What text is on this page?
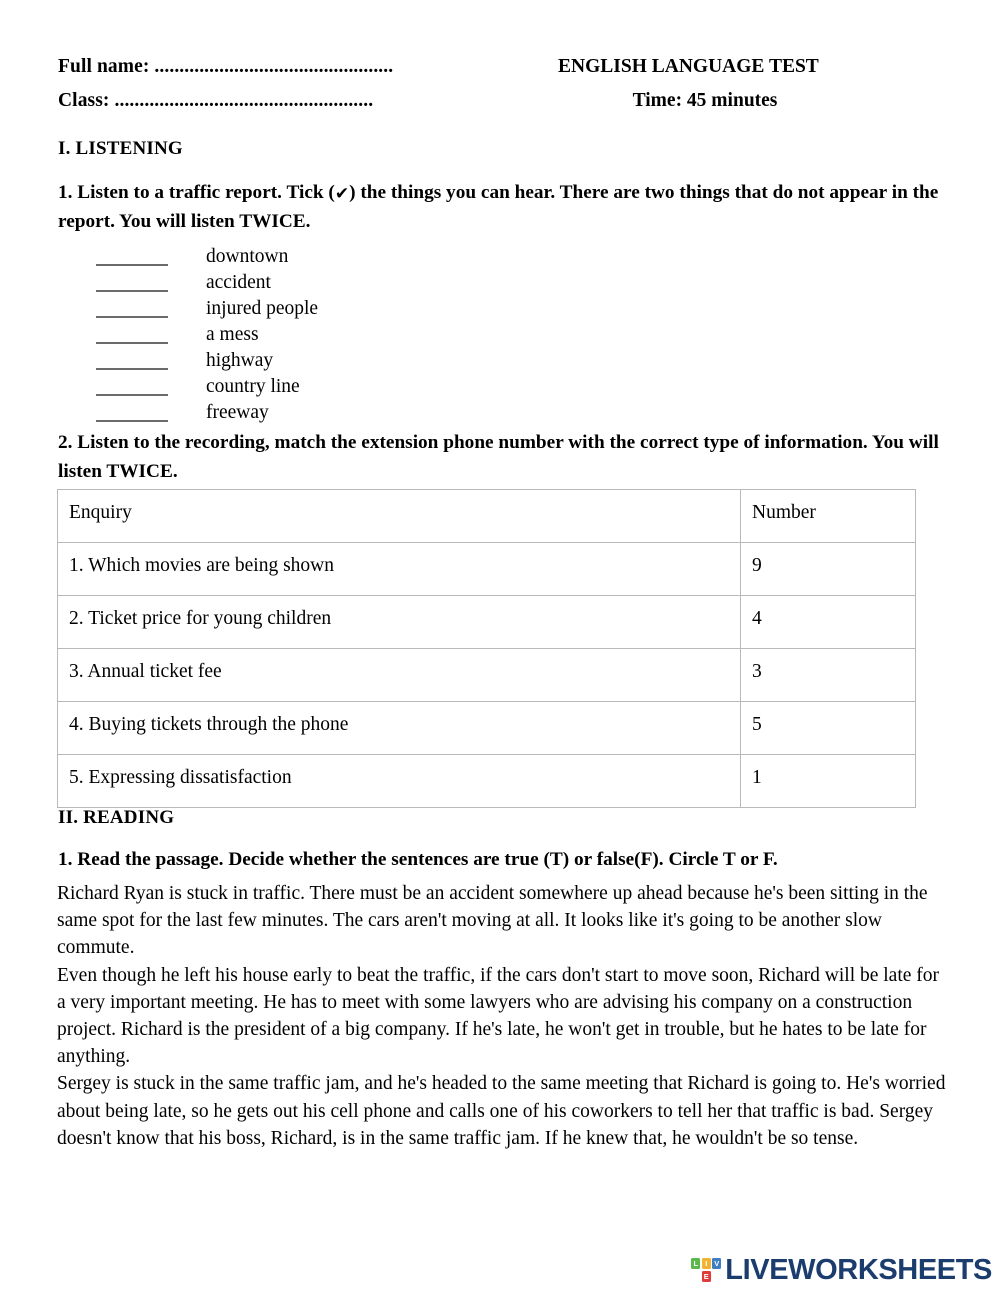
Full name: ................................................	ENGLISH LANGUAGE TEST
Class: ....................................................	Time: 45 minutes
I. LISTENING
1. Listen to a traffic report. Tick (✔) the things you can hear. There are two things that do not appear in the report. You will listen TWICE.
downtown
accident
injured people
a mess
highway
country line
freeway
2. Listen to the recording, match the extension phone number with the correct type of information. You will listen TWICE.
Enquiry	Number
1. Which movies are being shown	9
2. Ticket price for young children	4
3. Annual ticket fee	3
4. Buying tickets through the phone	5
5. Expressing dissatisfaction	1
II. READING
1. Read the passage. Decide whether the sentences are true (T) or false(F). Circle T or F.

Richard Ryan is stuck in traffic. There must be an accident somewhere up ahead because he's been sitting in the same spot for the last few minutes. The cars aren't moving at all. It looks like it's going to be another slow commute.

Even though he left his house early to beat the traffic, if the cars don't start to move soon, Richard will be late for a very important meeting. He has to meet with some lawyers who are advising his company on a construction project. Richard is the president of a big company. If he's late, he won't get in trouble, but he hates to be late for anything.

Sergey is stuck in the same traffic jam, and he's headed to the same meeting that Richard is going to. He's worried about being late, so he gets out his cell phone and calls one of his coworkers to tell her that traffic is bad. Sergey doesn't know that his boss, Richard, is in the same traffic jam. If he knew that, he wouldn't be so tense.

L I V
E LIVEWORKSHEETS
